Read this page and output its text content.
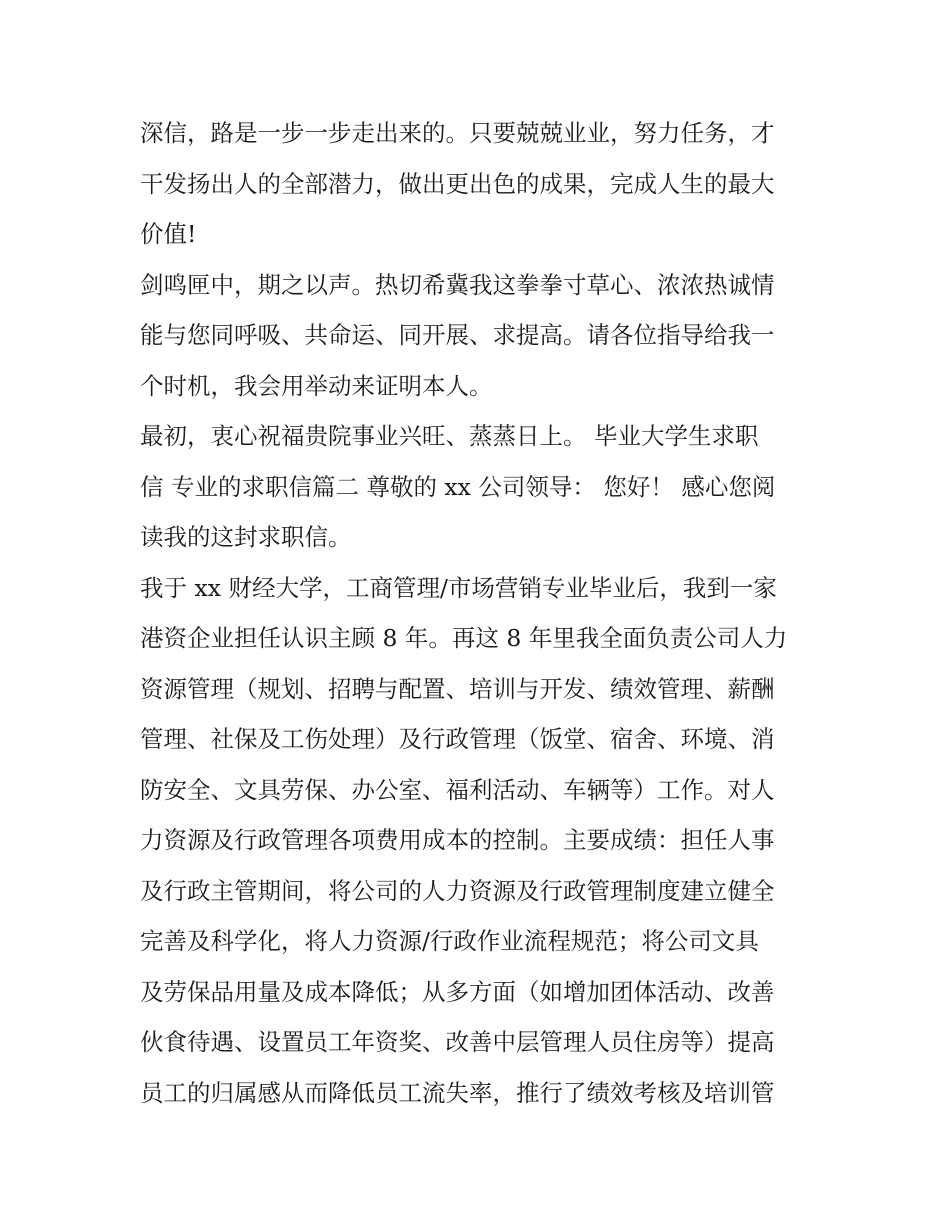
深信，路是一步一步走出来的。只要兢兢业业，努力任务，才
干发扬出人的全部潜力，做出更出色的成果，完成人生的最大
价值!
剑鸣匣中，期之以声。热切希冀我这拳拳寸草心、浓浓热诚情
能与您同呼吸、共命运、同开展、求提高。请各位指导给我一
个时机，我会用举动来证明本人。
最初，衷心祝福贵院事业兴旺、蒸蒸日上。 毕业大学生求职
信 专业的求职信篇二 尊敬的 xx 公司领导： 您好！ 感心您阅
读我的这封求职信。
我于 xx 财经大学，工商管理/市场营销专业毕业后，我到一家
港资企业担任认识主顾 8 年。再这 8 年里我全面负责公司人力
资源管理（规划、招聘与配置、培训与开发、绩效管理、薪酬
管理、社保及工伤处理）及行政管理（饭堂、宿舍、环境、消
防安全、文具劳保、办公室、福利活动、车辆等）工作。对人
力资源及行政管理各项费用成本的控制。主要成绩：担任人事
及行政主管期间，将公司的人力资源及行政管理制度建立健全
完善及科学化，将人力资源/行政作业流程规范；将公司文具
及劳保品用量及成本降低；从多方面（如增加团体活动、改善
伙食待遇、设置员工年资奖、改善中层管理人员住房等）提高
员工的归属感从而降低员工流失率，推行了绩效考核及培训管
